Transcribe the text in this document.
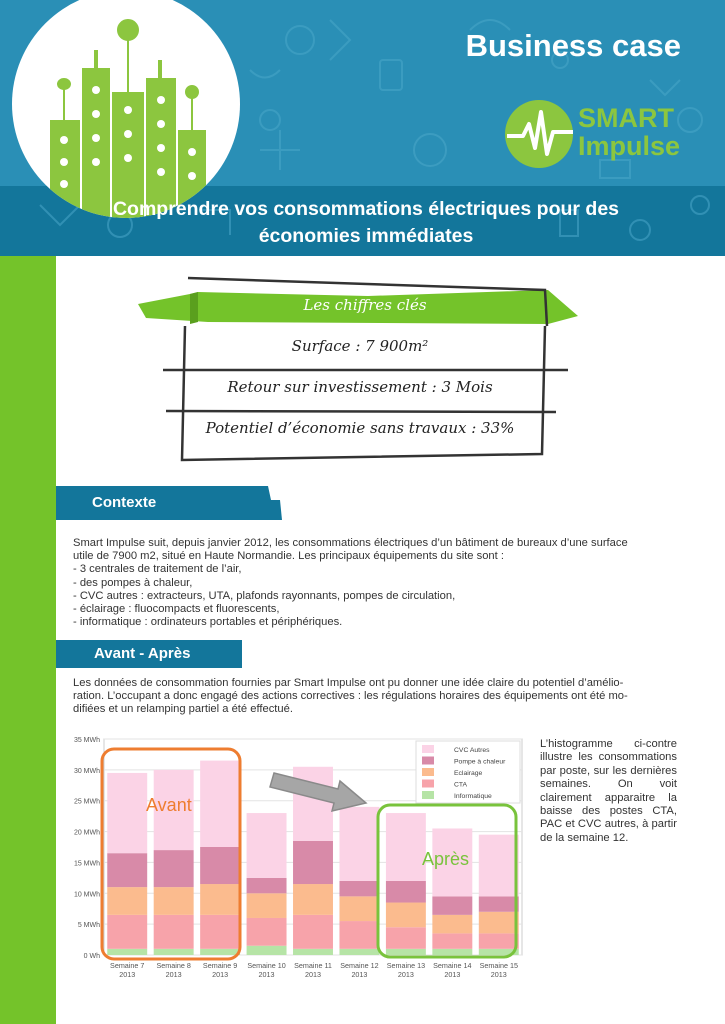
Business case
SMART
Impulse
Comprendre vos consommations électriques pour des
économies immédiates
Les chiffres clés
Surface : 7 900m²
Retour sur investissement : 3 Mois
Potentiel d’économie sans travaux : 33%
Contexte

Smart Impulse suit, depuis janvier 2012, les consommations électriques d’un bâtiment de bureaux d’une surface

utile de 7900 m2, situé en Haute Normandie. Les principaux équipements du site sont :

- 3 centrales de traitement de l’air,

- des pompes à chaleur,

- CVC autres : extracteurs, UTA, plafonds rayonnants, pompes de circulation,

- éclairage : fluocompacts et fluorescents,

- informatique : ordinateurs portables et périphériques.

Avant - Après

Les données de consommation fournies par Smart Impulse ont pu donner une idée claire du potentiel d’amélio-

ration. L’occupant a donc engagé des actions correctives : les régulations horaires des équipements ont été mo-

difiées et un relamping partiel a été effectué.

0 Wh
5 MWh
10 MWh
15 MWh
20 MWh
25 MWh
30 MWh
35 MWh
Semaine 7
2013
Semaine 8
2013
Semaine 9
2013
Semaine 10
2013
Semaine 11
2013
Semaine 12
2013
Semaine 13
2013
Semaine 14
2013
Semaine 15
2013
CVC Autres
Pompe à chaleur
Eclairage
CTA
Informatique
Avant
Après
L’histogramme ci-contre illustre les consommations par poste, sur les dernières semaines. On voit clairement apparaitre la baisse des postes CTA, PAC et CVC autres, à partir de la semaine 12.
